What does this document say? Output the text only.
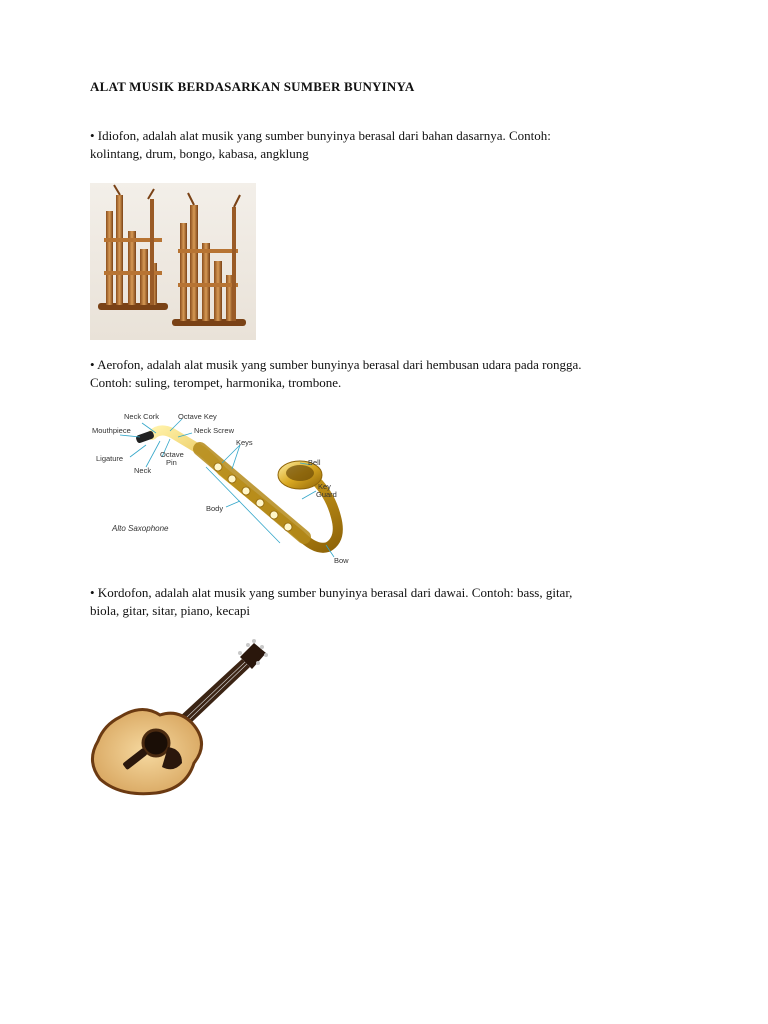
ALAT MUSIK BERDASARKAN SUMBER BUNYINYA
• Idiofon, adalah alat musik yang sumber bunyinya berasal dari bahan dasarnya. Contoh:
kolintang, drum, bongo, kabasa, angklung
• Aerofon, adalah alat musik yang sumber bunyinya berasal dari hembusan udara pada rongga.
Contoh: suling, terompet, harmonika, trombone.
Neck Cork	Octave Key
Mouthpiece	Neck Screw
Keys
Ligature	Octave
Pin
Neck
Bell
Key
Guard
Body
Bow
Alto Saxophone
• Kordofon, adalah alat musik yang sumber bunyinya berasal dari dawai. Contoh: bass, gitar,
biola, gitar, sitar, piano, kecapi
